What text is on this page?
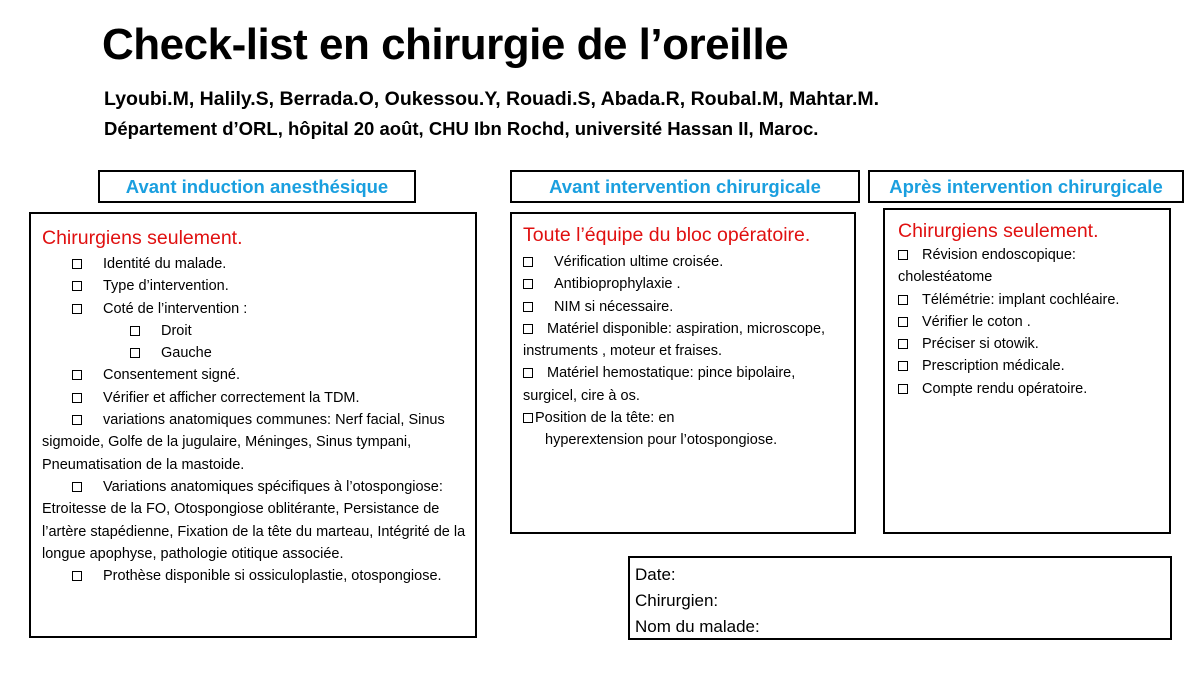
Check-list en chirurgie de l’oreille
Lyoubi.M, Halily.S, Berrada.O, Oukessou.Y, Rouadi.S, Abada.R, Roubal.M, Mahtar.M.
Département d’ORL, hôpital 20 août, CHU Ibn Rochd, université Hassan II, Maroc.
Avant induction anesthésique	Avant intervention chirurgicale	Après intervention chirurgicale
Chirurgiens seulement.
Identité du malade.
Type d’intervention.
Coté de l’intervention :
Droit
Gauche
Consentement signé.
Vérifier et afficher correctement la TDM.
variations anatomiques communes: Nerf facial, Sinus sigmoide, Golfe de la jugulaire, Méninges, Sinus tympani, Pneumatisation de la mastoide.
Variations anatomiques spécifiques à l’otospongiose: Etroitesse de la FO, Otospongiose oblitérante, Persistance de l’artère stapédienne, Fixation de la tête du marteau, Intégrité de la longue apophyse, pathologie otitique associée.
Prothèse disponible si ossiculoplastie, otospongiose.
Toute l’équipe du bloc opératoire.
Vérification ultime croisée.
Antibioprophylaxie .
NIM si nécessaire.
Matériel disponible: aspiration, microscope, instruments , moteur et fraises.
Matériel hemostatique: pince bipolaire, surgicel, cire à os.
Position de la tête: en
hyperextension pour l’otospongiose.
Chirurgiens seulement.
Révision endoscopique: cholestéatome
Télémétrie: implant cochléaire.
Vérifier le coton .
Préciser si otowik.
Prescription médicale.
Compte rendu opératoire.
Date:
Chirurgien:
Nom du malade:
